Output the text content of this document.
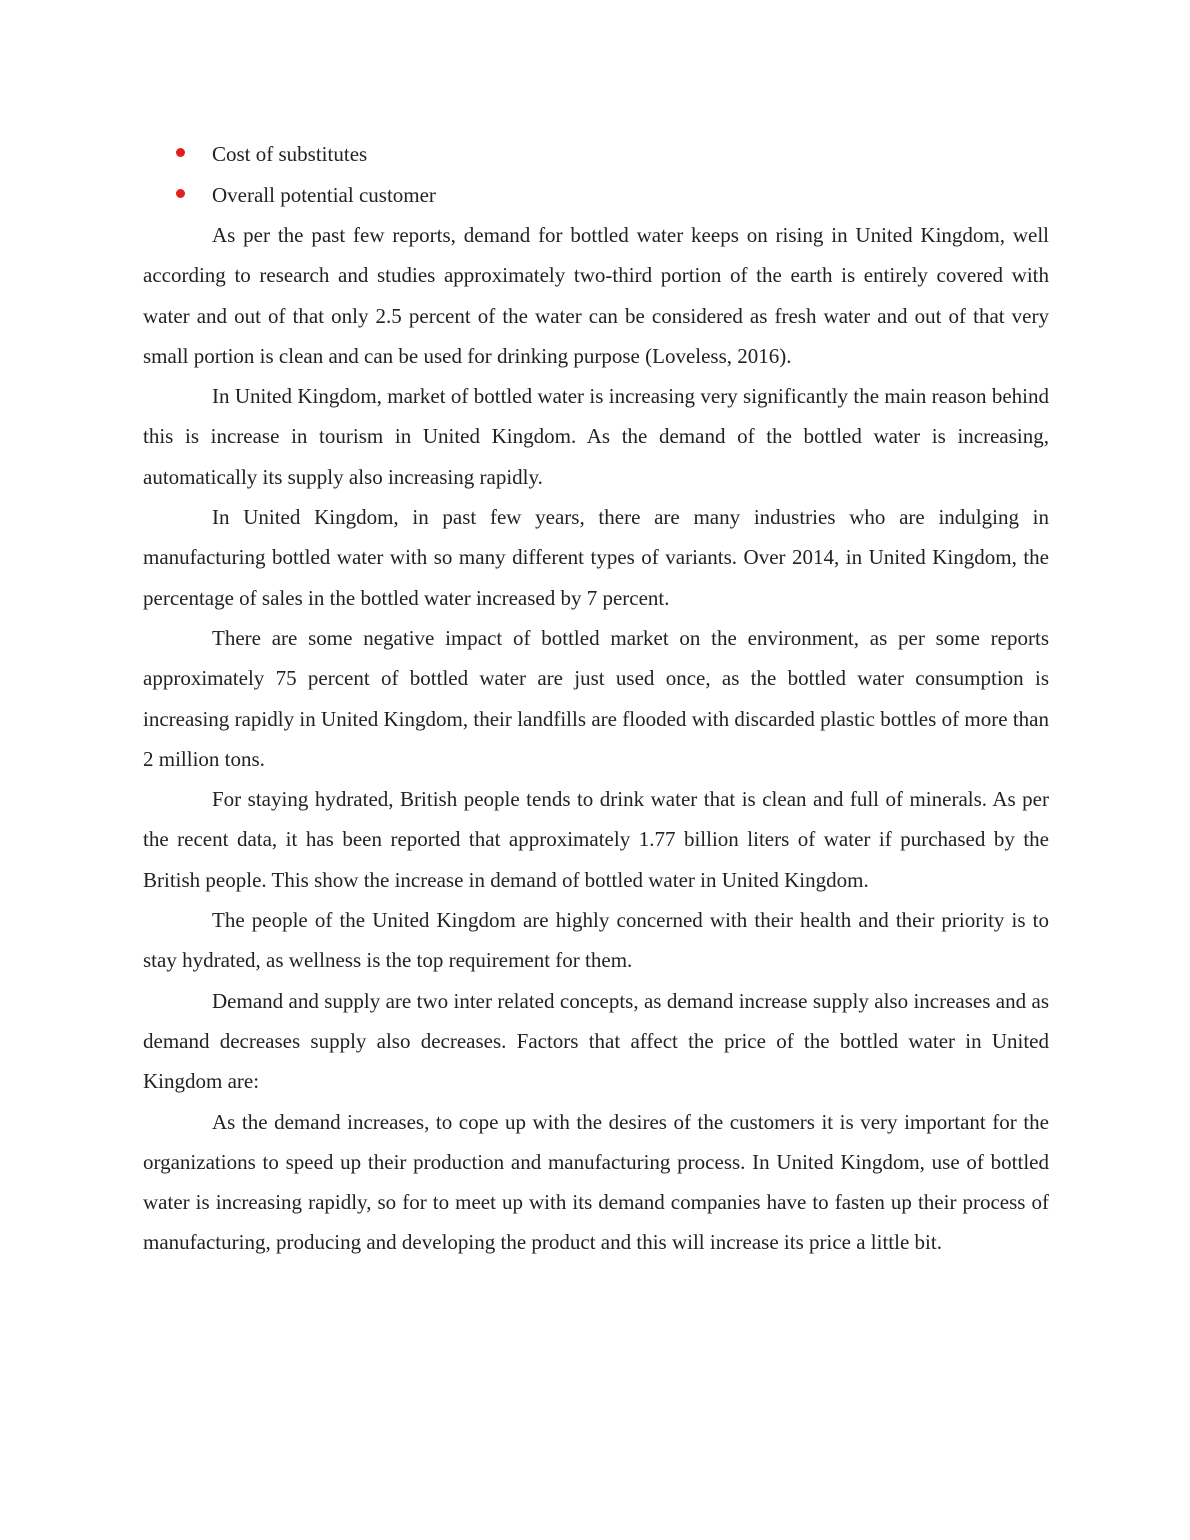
Cost of substitutes
Overall potential customer

As per the past few reports, demand for bottled water keeps on rising in United Kingdom, well according to research and studies approximately two-third portion of the earth is entirely covered with water and out of that only 2.5 percent of the water can be considered as fresh water and out of that very small portion is clean and can be used for drinking purpose (Loveless, 2016).

In United Kingdom, market of bottled water is increasing very significantly the main reason behind this is increase in tourism in United Kingdom. As the demand of the bottled water is increasing, automatically its supply also increasing rapidly.

In United Kingdom, in past few years, there are many industries who are indulging in manufacturing bottled water with so many different types of variants. Over 2014, in United Kingdom, the percentage of sales in the bottled water increased by 7 percent.

There are some negative impact of bottled market on the environment, as per some reports approximately 75 percent of bottled water are just used once, as the bottled water consumption is increasing rapidly in United Kingdom, their landfills are flooded with discarded plastic bottles of more than 2 million tons.

For staying hydrated, British people tends to drink water that is clean and full of minerals. As per the recent data, it has been reported that approximately 1.77 billion liters of water if purchased by the British people. This show the increase in demand of bottled water in United Kingdom.

The people of the United Kingdom are highly concerned with their health and their priority is to stay hydrated, as wellness is the top requirement for them.

Demand and supply are two inter related concepts, as demand increase supply also increases and as demand decreases supply also decreases. Factors that affect the price of the bottled water in United Kingdom are:

As the demand increases, to cope up with the desires of the customers it is very important for the organizations to speed up their production and manufacturing process. In United Kingdom, use of bottled water is increasing rapidly, so for to meet up with its demand companies have to fasten up their process of manufacturing, producing and developing the product and this will increase its price a little bit.
